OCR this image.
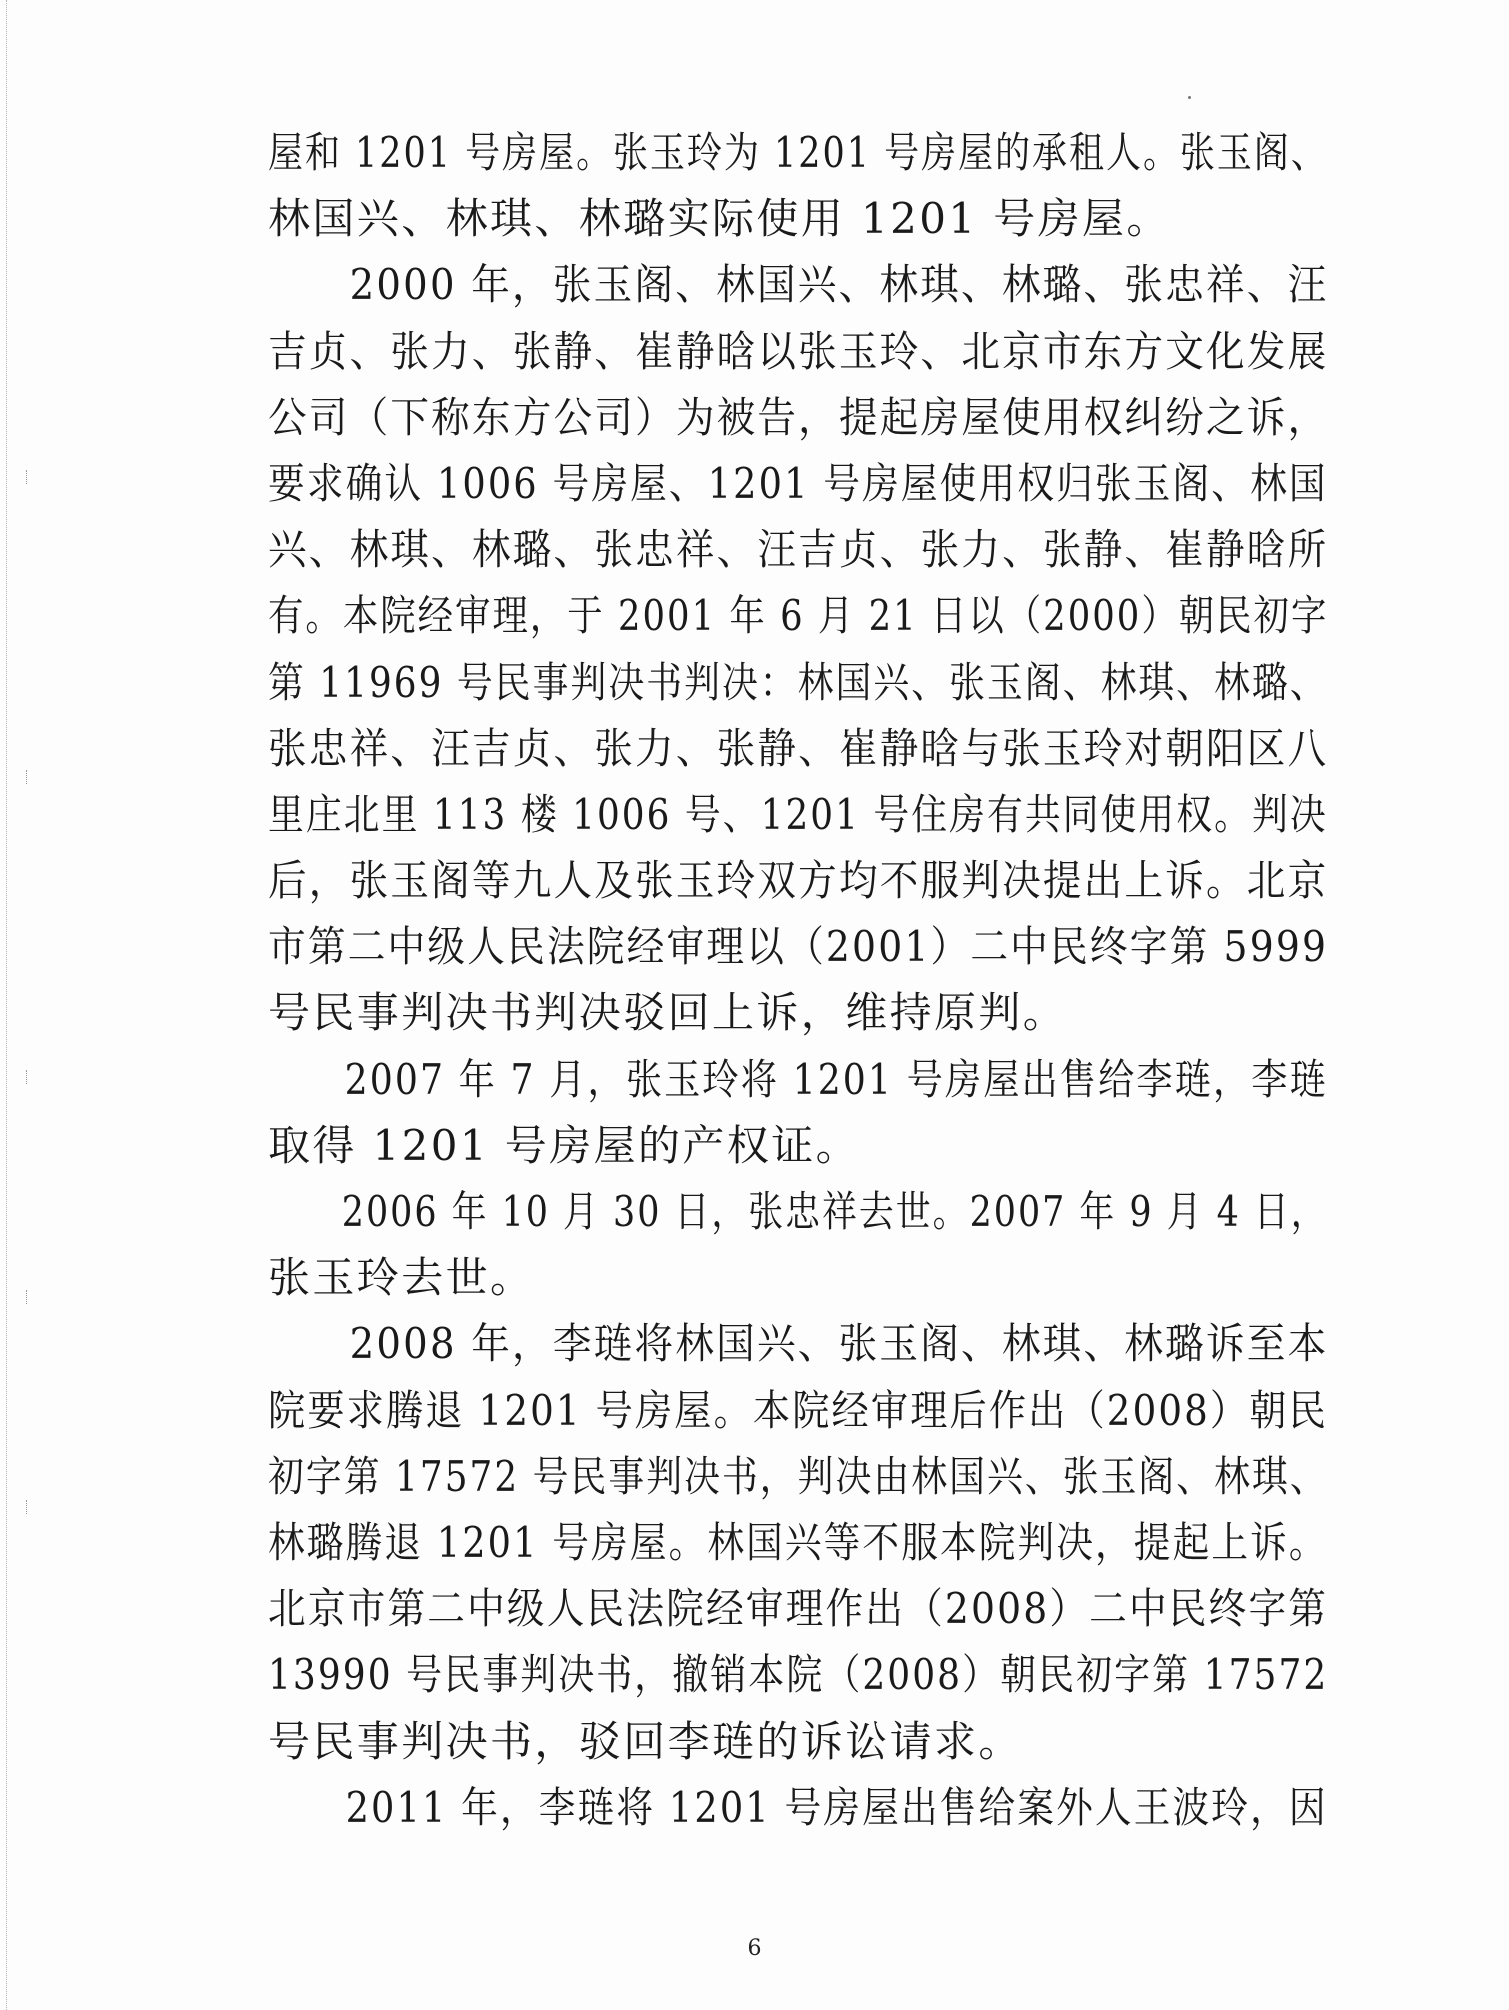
屋和 1201 号房屋。张玉玲为 1201 号房屋的承租人。张玉阁、
林国兴、林琪、林璐实际使用 1201 号房屋。
　　2000 年，张玉阁、林国兴、林琪、林璐、张忠祥、汪
吉贞、张力、张静、崔静晗以张玉玲、北京市东方文化发展
公司（下称东方公司）为被告，提起房屋使用权纠纷之诉，
要求确认 1006 号房屋、1201 号房屋使用权归张玉阁、林国
兴、林琪、林璐、张忠祥、汪吉贞、张力、张静、崔静晗所
有。本院经审理，于 2001 年 6 月 21 日以（2000）朝民初字
第 11969 号民事判决书判决：林国兴、张玉阁、林琪、林璐、
张忠祥、汪吉贞、张力、张静、崔静晗与张玉玲对朝阳区八
里庄北里 113 楼 1006 号、1201 号住房有共同使用权。判决
后，张玉阁等九人及张玉玲双方均不服判决提出上诉。北京
市第二中级人民法院经审理以（2001）二中民终字第 5999
号民事判决书判决驳回上诉，维持原判。
　　2007 年 7 月，张玉玲将 1201 号房屋出售给李琏，李琏
取得 1201 号房屋的产权证。
　　2006 年 10 月 30 日，张忠祥去世。2007 年 9 月 4 日，
张玉玲去世。
　　2008 年，李琏将林国兴、张玉阁、林琪、林璐诉至本
院要求腾退 1201 号房屋。本院经审理后作出（2008）朝民
初字第 17572 号民事判决书，判决由林国兴、张玉阁、林琪、
林璐腾退 1201 号房屋。林国兴等不服本院判决，提起上诉。
北京市第二中级人民法院经审理作出（2008）二中民终字第
13990 号民事判决书，撤销本院（2008）朝民初字第 17572
号民事判决书，驳回李琏的诉讼请求。
　　2011 年，李琏将 1201 号房屋出售给案外人王波玲，因
6
